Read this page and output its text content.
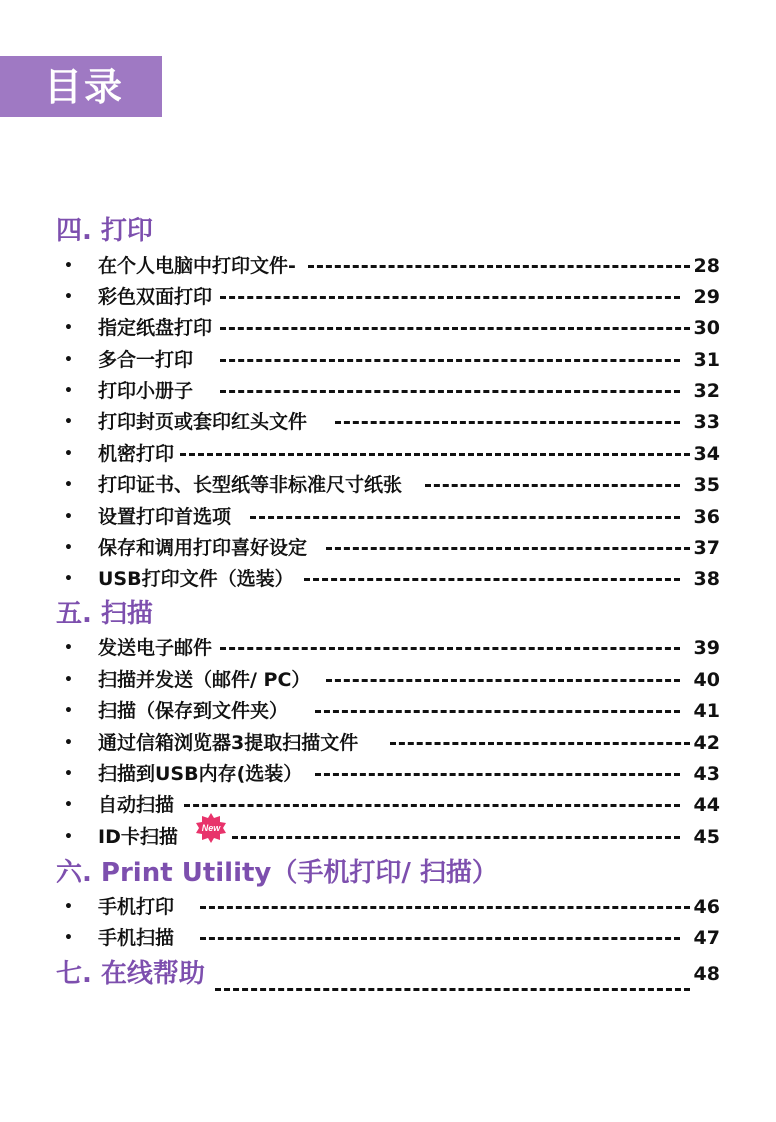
目录
四. 打印
• 在个人电脑中打印文件-	28
• 彩色双面打印	29
• 指定纸盘打印	30
• 多合一打印	31
• 打印小册子	32
• 打印封页或套印红头文件	33
• 机密打印	34
• 打印证书、长型纸等非标准尺寸纸张	35
• 设置打印首选项	36
• 保存和调用打印喜好设定	37
• USB打印文件（选装）	38
五. 扫描
• 发送电子邮件	39
• 扫描并发送（邮件/ PC）	40
• 扫描（保存到文件夹）	41
• 通过信箱浏览器3提取扫描文件	42
• 扫描到USB内存(选装）	43
• 自动扫描	44
• ID卡扫描	New	45
六. Print Utility（手机打印/ 扫描）
• 手机打印	46
• 手机扫描	47
七. 在线帮助	48
